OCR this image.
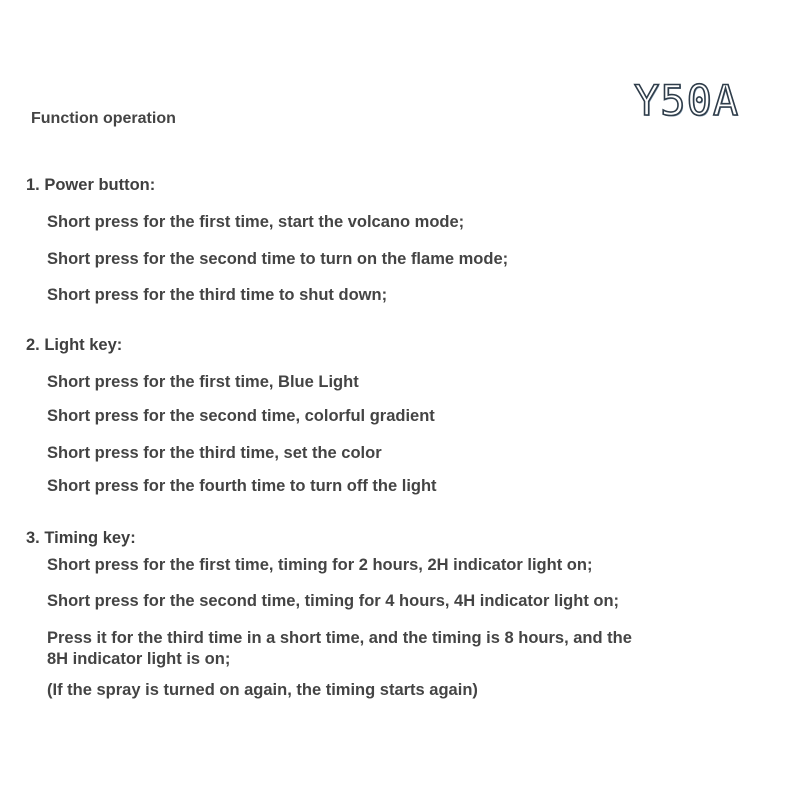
Function operation	Y50A
1. Power button:
Short press for the first time, start the volcano mode;
Short press for the second time to turn on the flame mode;
Short press for the third time to shut down;
2. Light key:
Short press for the first time, Blue Light
Short press for the second time, colorful gradient
Short press for the third time, set the color
Short press for the fourth time to turn off the light
3. Timing key:
Short press for the first time, timing for 2 hours, 2H indicator light on;
Short press for the second time, timing for 4 hours, 4H indicator light on;
Press it for the third time in a short time, and the timing is 8 hours, and the 8H indicator light is on;
(If the spray is turned on again, the timing starts again)
